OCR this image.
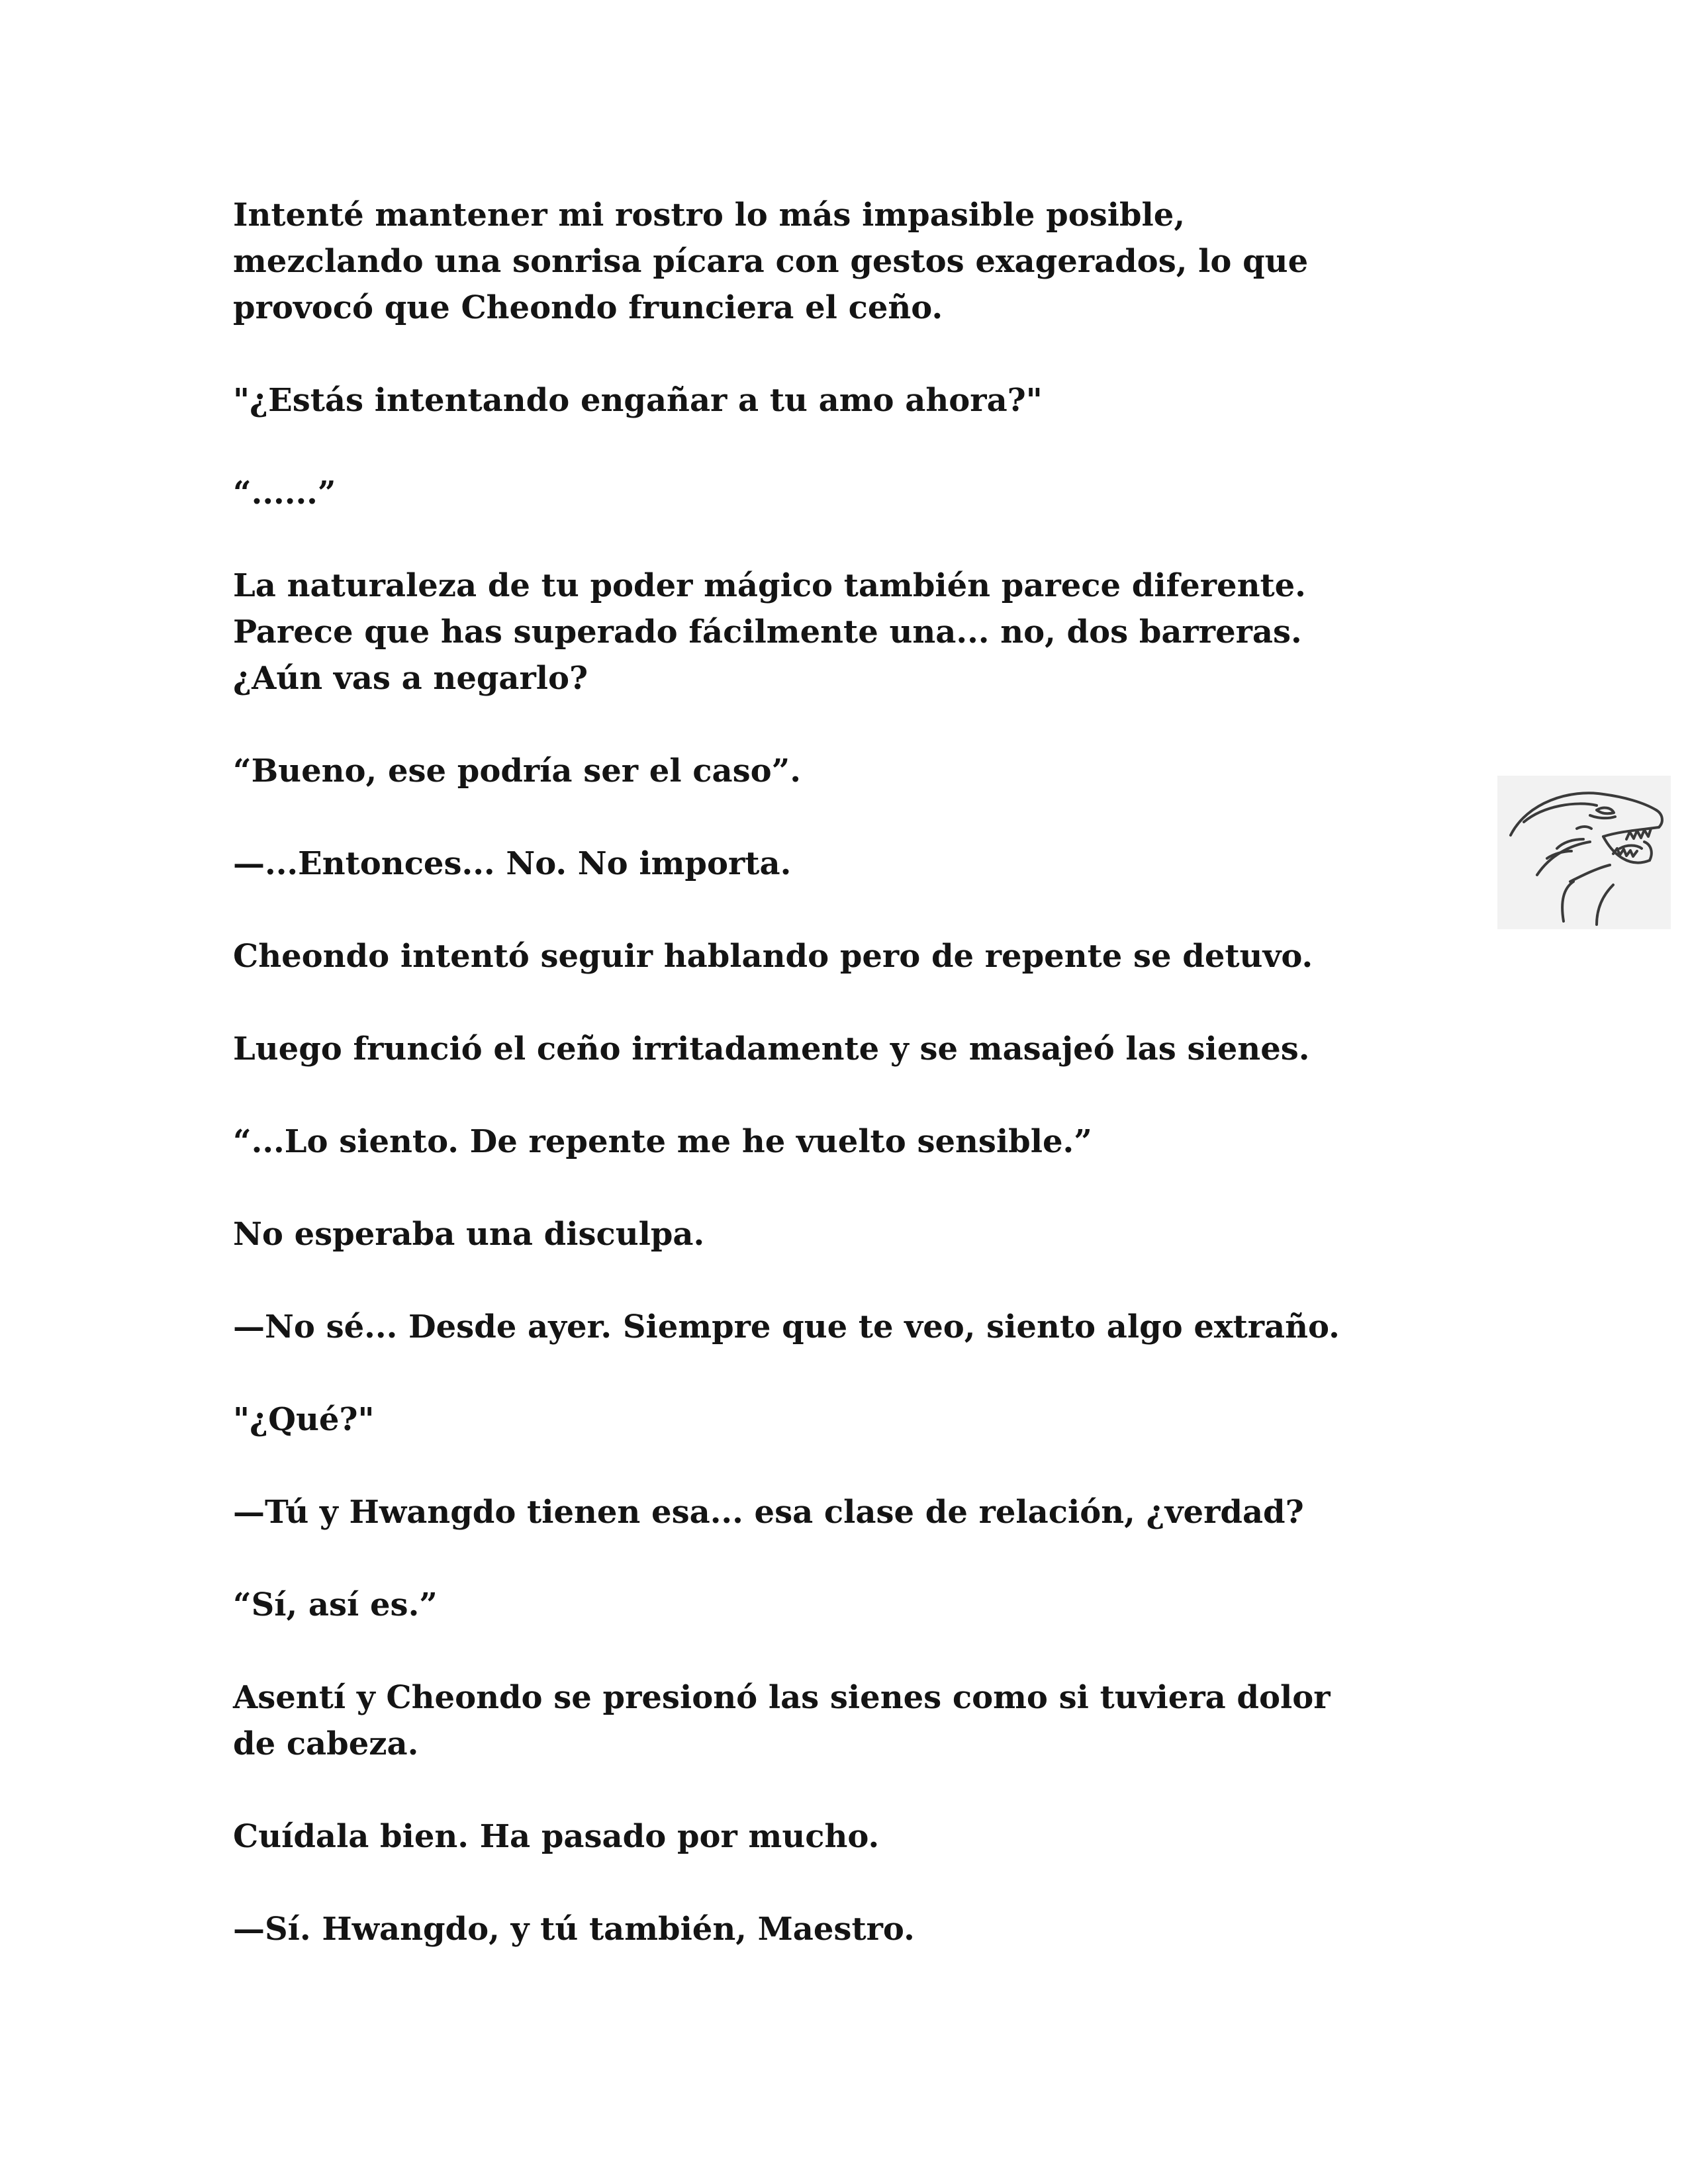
Intenté mantener mi rostro lo más impasible posible,
mezclando una sonrisa pícara con gestos exagerados, lo que
provocó que Cheondo frunciera el ceño.

"¿Estás intentando engañar a tu amo ahora?"

“......”

La naturaleza de tu poder mágico también parece diferente.
Parece que has superado fácilmente una... no, dos barreras.
¿Aún vas a negarlo?

“Bueno, ese podría ser el caso”.

—...Entonces... No. No importa.

Cheondo intentó seguir hablando pero de repente se detuvo.

Luego frunció el ceño irritadamente y se masajeó las sienes.

“...Lo siento. De repente me he vuelto sensible.”

No esperaba una disculpa.

—No sé... Desde ayer. Siempre que te veo, siento algo extraño.

"¿Qué?"

—Tú y Hwangdo tienen esa... esa clase de relación, ¿verdad?

“Sí, así es.”

Asentí y Cheondo se presionó las sienes como si tuviera dolor
de cabeza.

Cuídala bien. Ha pasado por mucho.

—Sí. Hwangdo, y tú también, Maestro.
